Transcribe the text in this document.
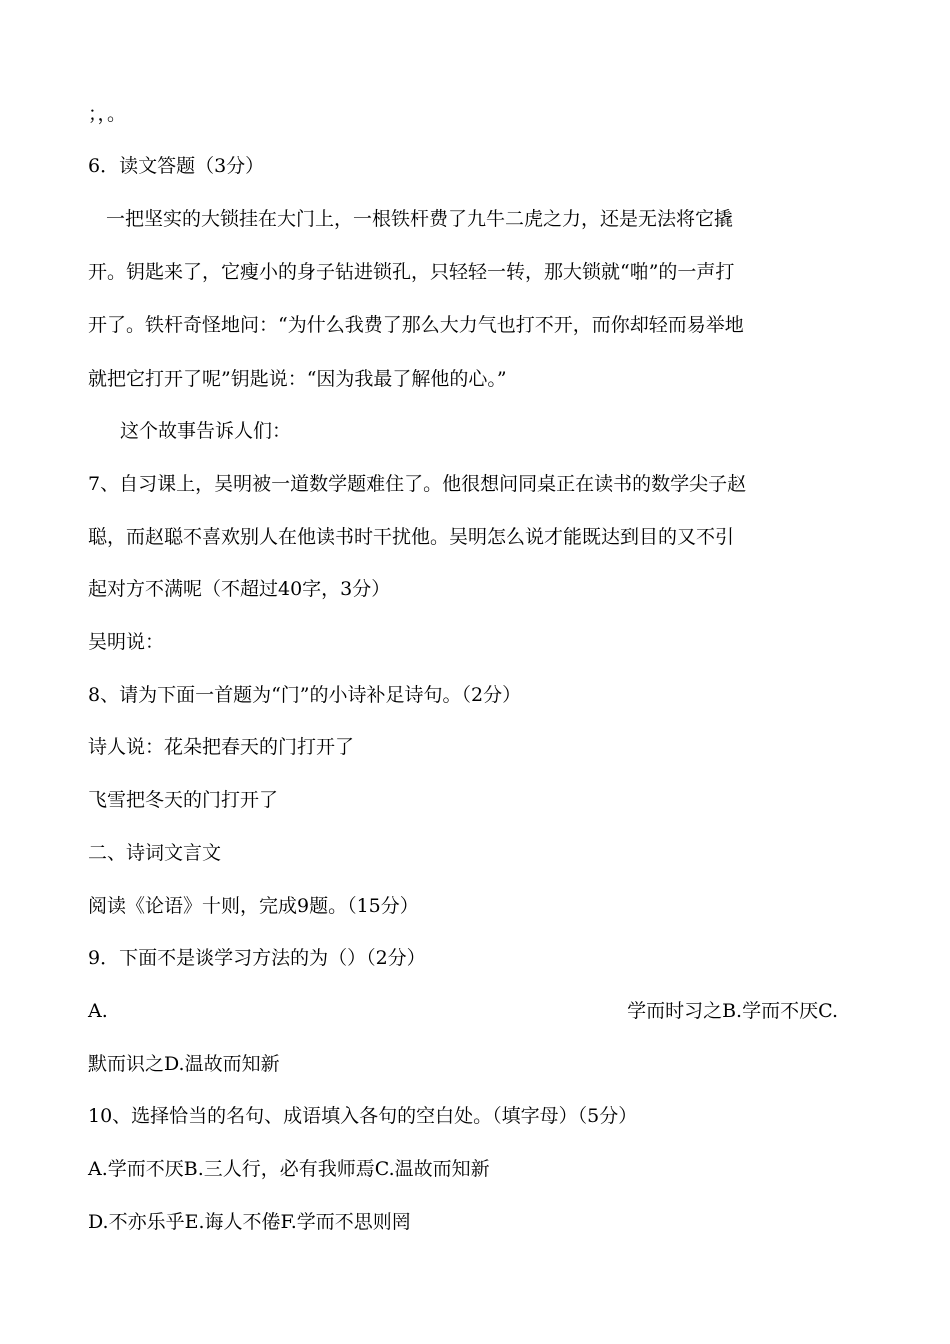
；，。
6．读文答题（3分）
一把坚实的大锁挂在大门上，一根铁杆费了九牛二虎之力，还是无法将它撬
开。钥匙来了，它瘦小的身子钻进锁孔，只轻轻一转，那大锁就“啪”的一声打
开了。铁杆奇怪地问：“为什么我费了那么大力气也打不开，而你却轻而易举地
就把它打开了呢”钥匙说：“因为我最了解他的心。”
这个故事告诉人们：
7、自习课上，吴明被一道数学题难住了。他很想问同桌正在读书的数学尖子赵
聪，而赵聪不喜欢别人在他读书时干扰他。吴明怎么说才能既达到目的又不引
起对方不满呢（不超过40字，3分）
吴明说：
8、请为下面一首题为“门”的小诗补足诗句。（2分）
诗人说：花朵把春天的门打开了
飞雪把冬天的门打开了
二、诗词文言文
阅读《论语》十则，完成9题。（15分）
9．下面不是谈学习方法的为（）（2分）
A.	学而时习之B.学而不厌C.
默而识之D.温故而知新
10、选择恰当的名句、成语填入各句的空白处。（填字母）（5分）
A.学而不厌B.三人行，必有我师焉C.温故而知新
D.不亦乐乎E.诲人不倦F.学而不思则罔
